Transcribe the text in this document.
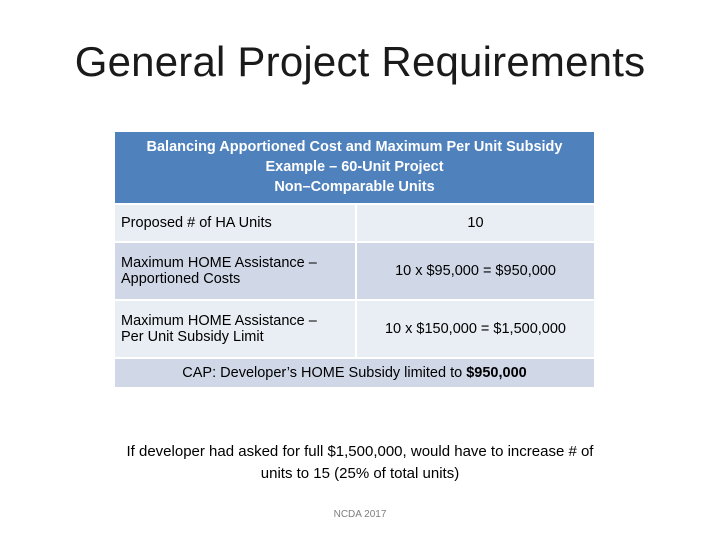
General Project Requirements
Balancing Apportioned Cost and Maximum Per Unit Subsidy
Example – 60-Unit Project
Non–Comparable Units	

Proposed # of HA Units	10

Maximum HOME Assistance –
Apportioned Costs	10 x $95,000 = $950,000

Maximum HOME Assistance –
Per Unit Subsidy Limit	10 x $150,000 = $1,500,000
CAP: Developer’s HOME Subsidy limited to $950,000	
If developer had asked for full $1,500,000, would have to increase # of
units to 15 (25% of total units)
NCDA 2017
